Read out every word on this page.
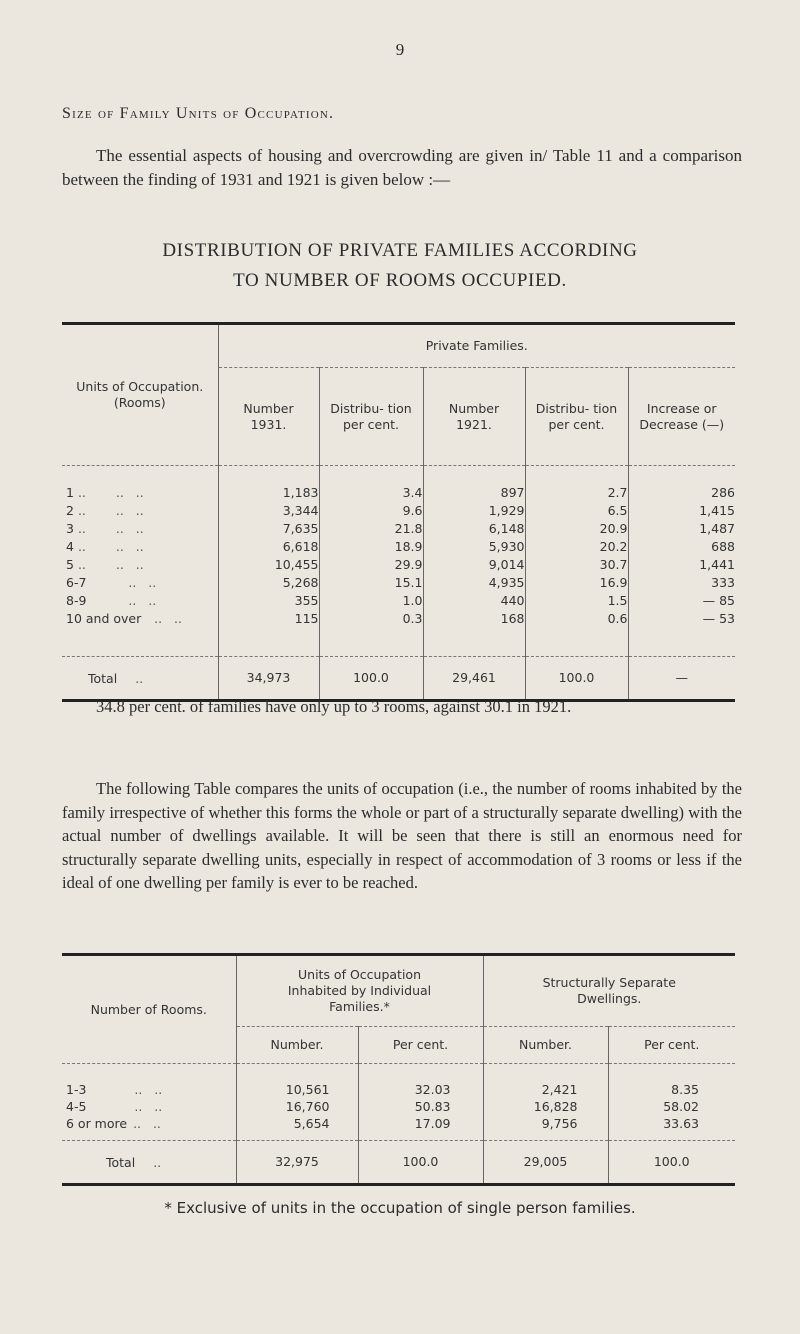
9
Size of Family Units of Occupation.
The essential aspects of housing and overcrowding are given in/ Table 11 and a comparison between the finding of 1931 and 1921 is given below :—
DISTRIBUTION OF PRIVATE FAMILIES ACCORDING
TO NUMBER OF ROOMS OCCUPIED.
Units of Occupation. (Rooms)	Private Families.				
	Number 1931.	Distribu- tion per cent.	Number 1921.	Distribu- tion per cent.	Increase or Decrease (—)

1 .. ..   ..	1,183	3.4	897	2.7	286
2 .. ..   ..	3,344	9.6	1,929	6.5	1,415
3 .. ..   ..	7,635	21.8	6,148	20.9	1,487
4 .. ..   ..	6,618	18.9	5,930	20.2	688
5 .. ..   ..	10,455	29.9	9,014	30.7	1,441
6-7 ..   ..	5,268	15.1	4,935	16.9	333
8-9 ..   ..	355	1.0	440	1.5	— 85
10 and over ..   ..	115	0.3	168	0.6	— 53

Total ..	34,973	100.0	29,461	100.0	—
34.8 per cent. of families have only up to 3 rooms, against 30.1 in 1921.
The following Table compares the units of occupation (i.e., the number of rooms inhabited by the family irrespective of whether this forms the whole or part of a structurally separate dwelling) with the actual number of dwellings available. It will be seen that there is still an enormous need for structurally separate dwelling units, especially in respect of accommodation of 3 rooms or less if the ideal of one dwelling per family is ever to be reached.
Number of Rooms.	Units of Occupation Inhabited by Individual Families.*		Structurally Separate Dwellings.	
	Number.	Per cent.	Number.	Per cent.

1-3 ..   ..	10,561	32.03	2,421	8.35
4-5 ..   ..	16,760	50.83	16,828	58.02
6 or more ..   ..	5,654	17.09	9,756	33.63

Total ..	32,975	100.0	29,005	100.0
* Exclusive of units in the occupation of single person families.
